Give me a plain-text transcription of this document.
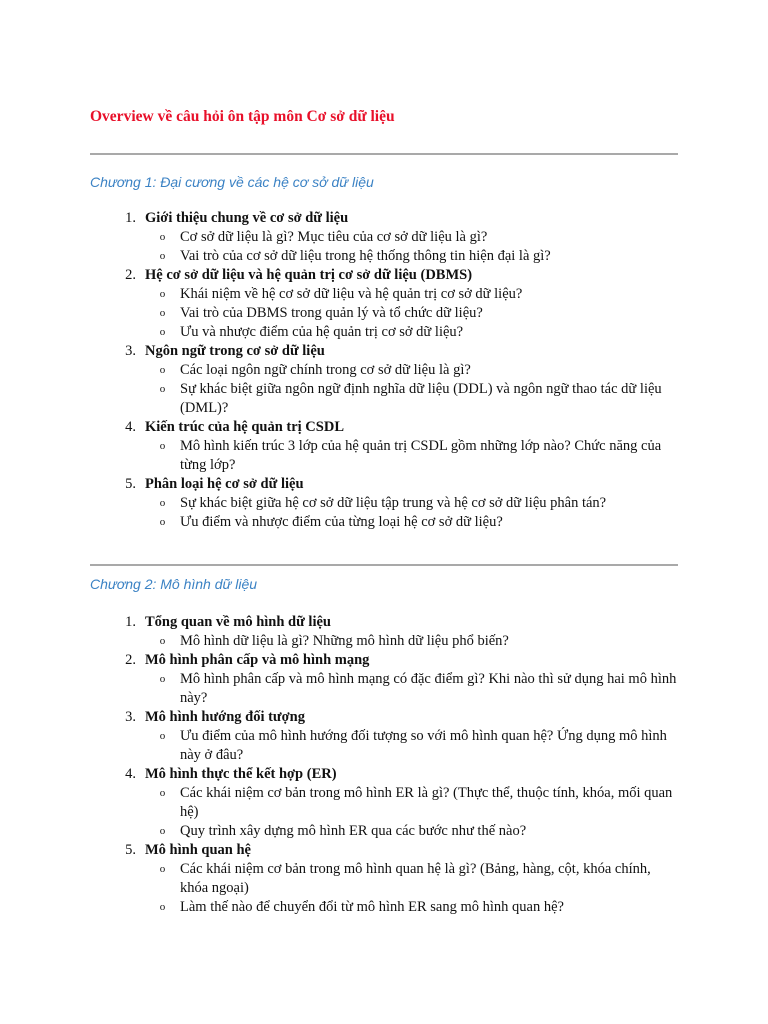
Overview về câu hỏi ôn tập môn Cơ sở dữ liệu
Chương 1: Đại cương về các hệ cơ sở dữ liệu
1. Giới thiệu chung về cơ sở dữ liệu
o	Cơ sở dữ liệu là gì? Mục tiêu của cơ sở dữ liệu là gì?
o	Vai trò của cơ sở dữ liệu trong hệ thống thông tin hiện đại là gì?
2. Hệ cơ sở dữ liệu và hệ quản trị cơ sở dữ liệu (DBMS)
o	Khái niệm về hệ cơ sở dữ liệu và hệ quản trị cơ sở dữ liệu?
o	Vai trò của DBMS trong quản lý và tổ chức dữ liệu?
o	Ưu và nhược điểm của hệ quản trị cơ sở dữ liệu?
3. Ngôn ngữ trong cơ sở dữ liệu
o	Các loại ngôn ngữ chính trong cơ sở dữ liệu là gì?
o	Sự khác biệt giữa ngôn ngữ định nghĩa dữ liệu (DDL) và ngôn ngữ thao tác dữ liệu (DML)?
4. Kiến trúc của hệ quản trị CSDL
o	Mô hình kiến trúc 3 lớp của hệ quản trị CSDL gồm những lớp nào? Chức năng của từng lớp?
5. Phân loại hệ cơ sở dữ liệu
o	Sự khác biệt giữa hệ cơ sở dữ liệu tập trung và hệ cơ sở dữ liệu phân tán?
o	Ưu điểm và nhược điểm của từng loại hệ cơ sở dữ liệu?
Chương 2: Mô hình dữ liệu
1. Tổng quan về mô hình dữ liệu
o	Mô hình dữ liệu là gì? Những mô hình dữ liệu phổ biến?
2. Mô hình phân cấp và mô hình mạng
o	Mô hình phân cấp và mô hình mạng có đặc điểm gì? Khi nào thì sử dụng hai mô hình này?
3. Mô hình hướng đối tượng
o	Ưu điểm của mô hình hướng đối tượng so với mô hình quan hệ? Ứng dụng mô hình này ở đâu?
4. Mô hình thực thể kết hợp (ER)
o	Các khái niệm cơ bản trong mô hình ER là gì? (Thực thể, thuộc tính, khóa, mối quan hệ)
o	Quy trình xây dựng mô hình ER qua các bước như thế nào?
5. Mô hình quan hệ
o	Các khái niệm cơ bản trong mô hình quan hệ là gì? (Bảng, hàng, cột, khóa chính, khóa ngoại)
o	Làm thế nào để chuyển đổi từ mô hình ER sang mô hình quan hệ?
